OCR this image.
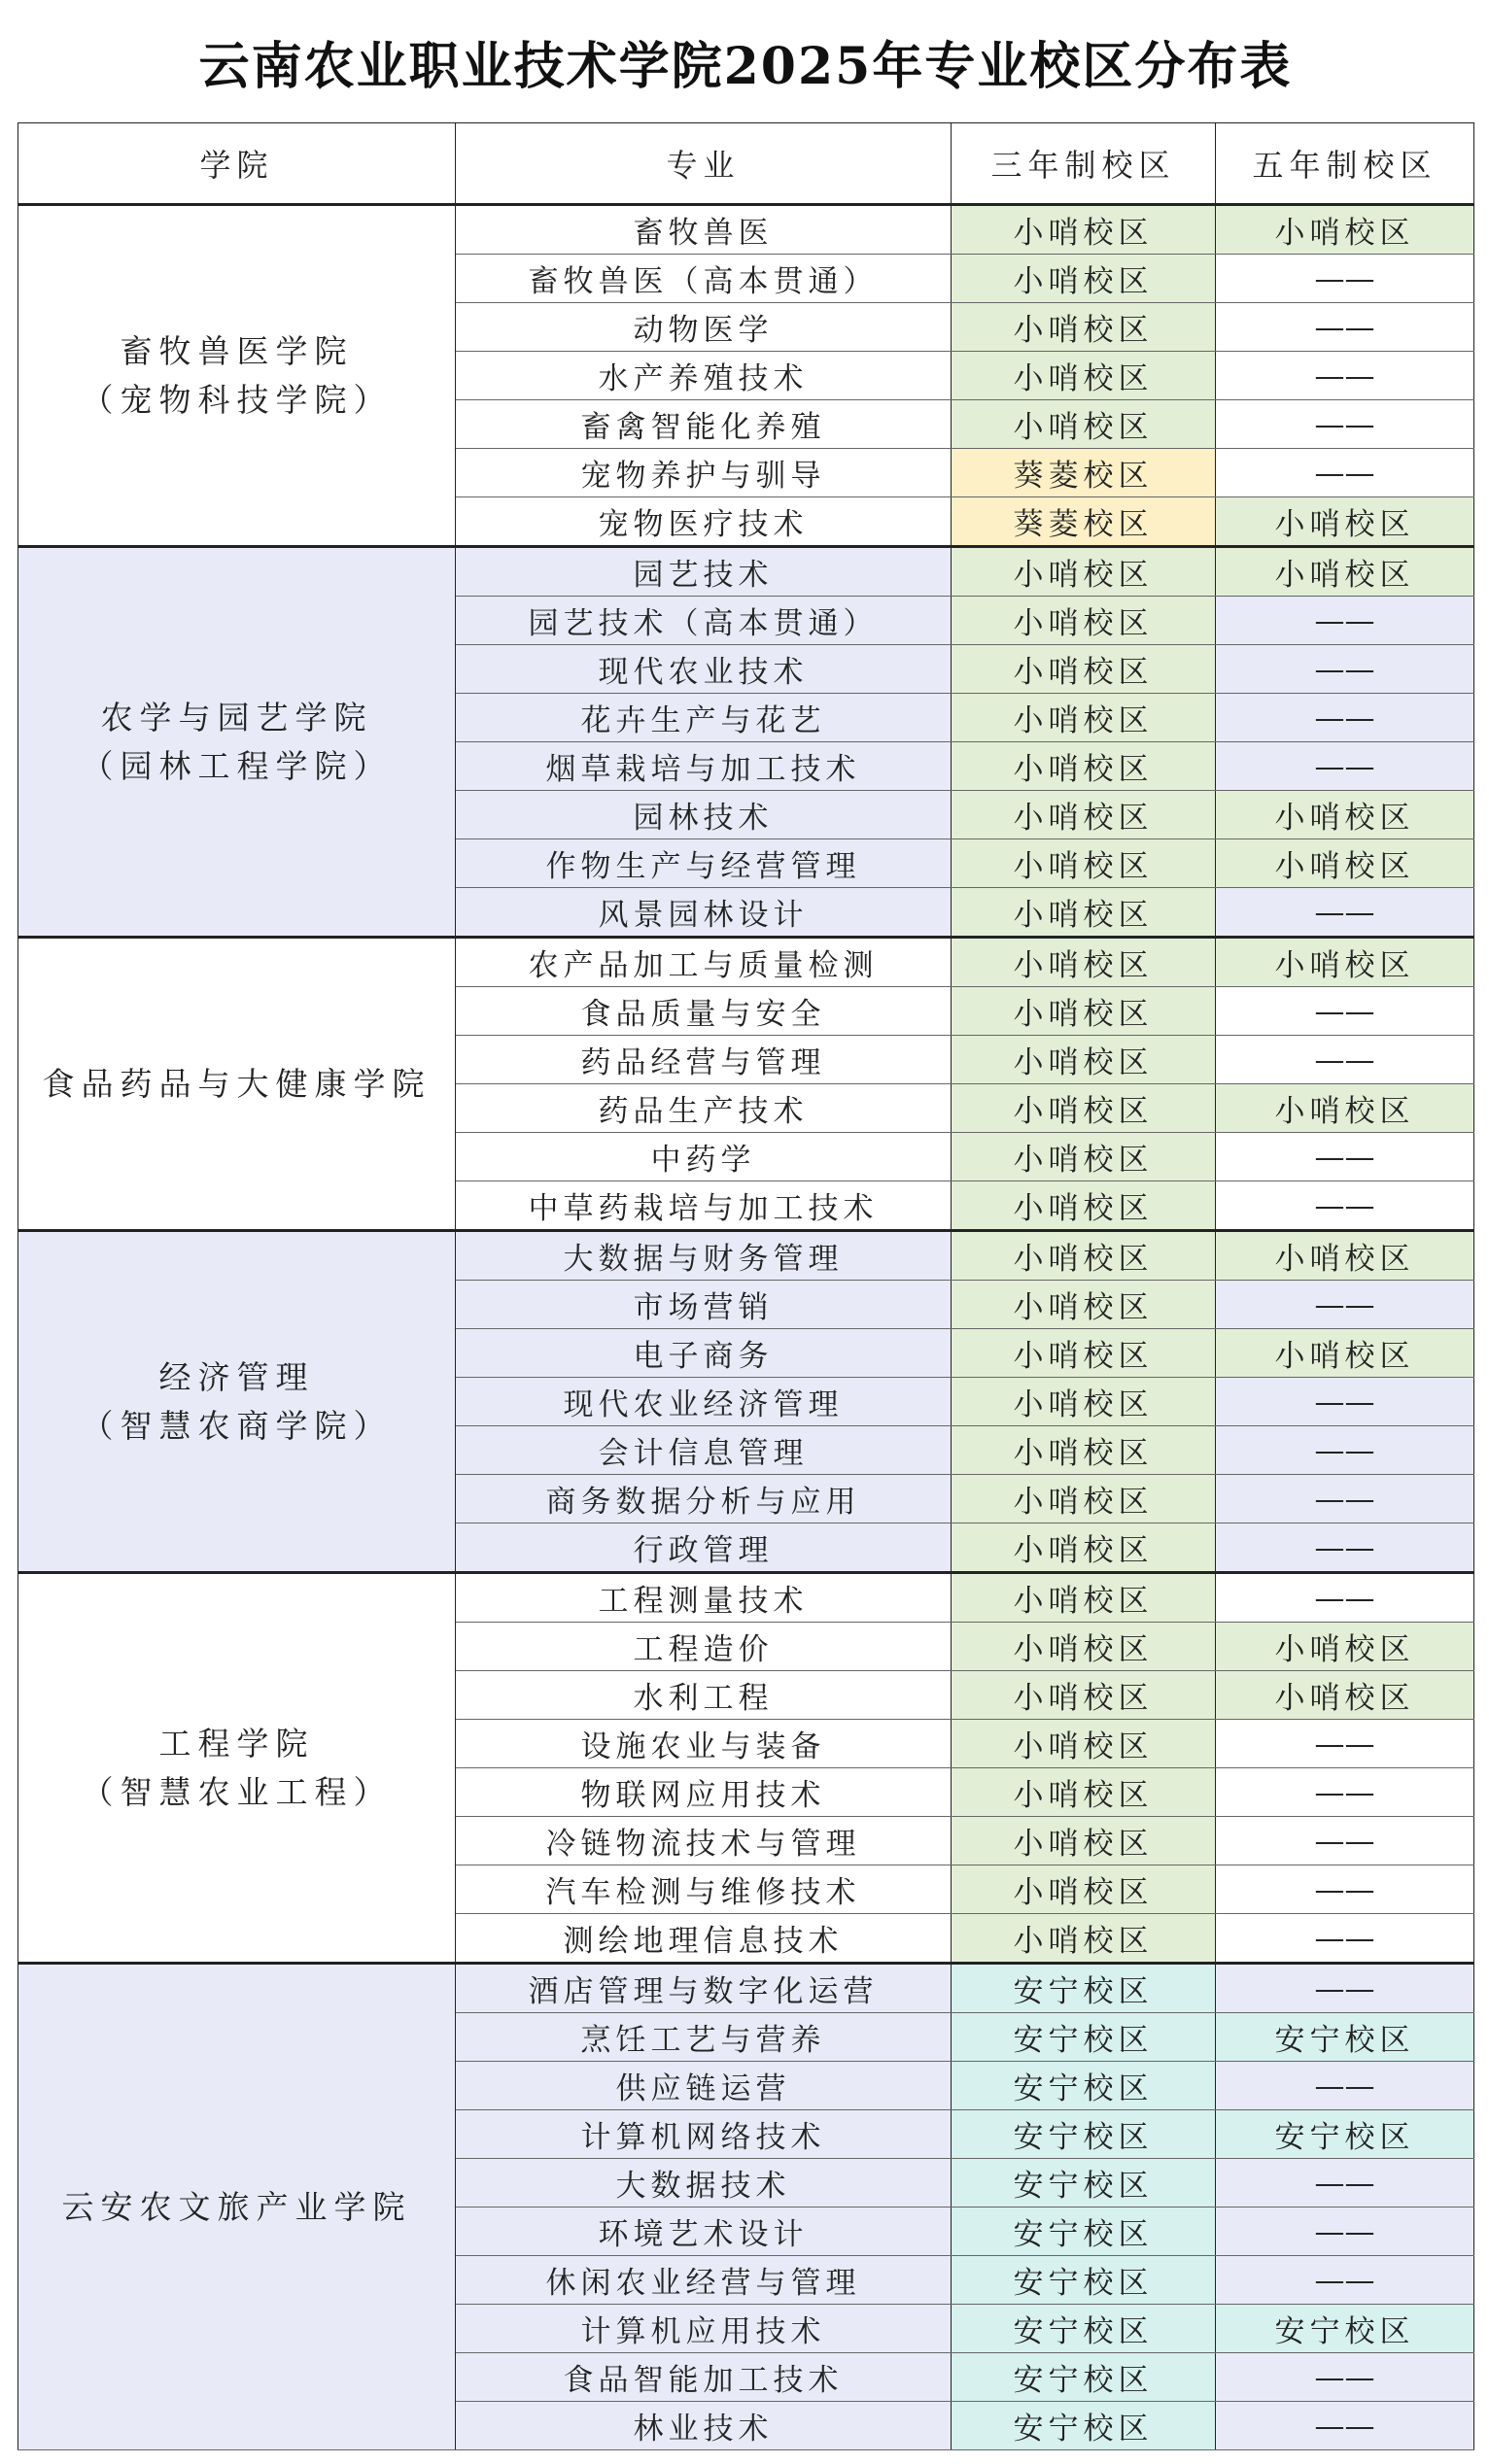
云南农业职业技术学院2025年专业校区分布表
学院	专业	三年制校区	五年制校区

畜牧兽医学院
（宠物科技学院）	畜牧兽医	小哨校区	小哨校区
	畜牧兽医（高本贯通）	小哨校区	——
	动物医学	小哨校区	——
	水产养殖技术	小哨校区	——
	畜禽智能化养殖	小哨校区	——
	宠物养护与驯导	葵菱校区	——
	宠物医疗技术	葵菱校区	小哨校区

农学与园艺学院
（园林工程学院）	园艺技术	小哨校区	小哨校区
	园艺技术（高本贯通）	小哨校区	——
	现代农业技术	小哨校区	——
	花卉生产与花艺	小哨校区	——
	烟草栽培与加工技术	小哨校区	——
	园林技术	小哨校区	小哨校区
	作物生产与经营管理	小哨校区	小哨校区
	风景园林设计	小哨校区	——

食品药品与大健康学院	农产品加工与质量检测	小哨校区	小哨校区
	食品质量与安全	小哨校区	——
	药品经营与管理	小哨校区	——
	药品生产技术	小哨校区	小哨校区
	中药学	小哨校区	——
	中草药栽培与加工技术	小哨校区	——

经济管理
（智慧农商学院）	大数据与财务管理	小哨校区	小哨校区
	市场营销	小哨校区	——
	电子商务	小哨校区	小哨校区
	现代农业经济管理	小哨校区	——
	会计信息管理	小哨校区	——
	商务数据分析与应用	小哨校区	——
	行政管理	小哨校区	——

工程学院
（智慧农业工程）	工程测量技术	小哨校区	——
	工程造价	小哨校区	小哨校区
	水利工程	小哨校区	小哨校区
	设施农业与装备	小哨校区	——
	物联网应用技术	小哨校区	——
	冷链物流技术与管理	小哨校区	——
	汽车检测与维修技术	小哨校区	——
	测绘地理信息技术	小哨校区	——

云安农文旅产业学院	酒店管理与数字化运营	安宁校区	——
	烹饪工艺与营养	安宁校区	安宁校区
	供应链运营	安宁校区	——
	计算机网络技术	安宁校区	安宁校区
	大数据技术	安宁校区	——
	环境艺术设计	安宁校区	——
	休闲农业经营与管理	安宁校区	——
	计算机应用技术	安宁校区	安宁校区
	食品智能加工技术	安宁校区	——
	林业技术	安宁校区	——
